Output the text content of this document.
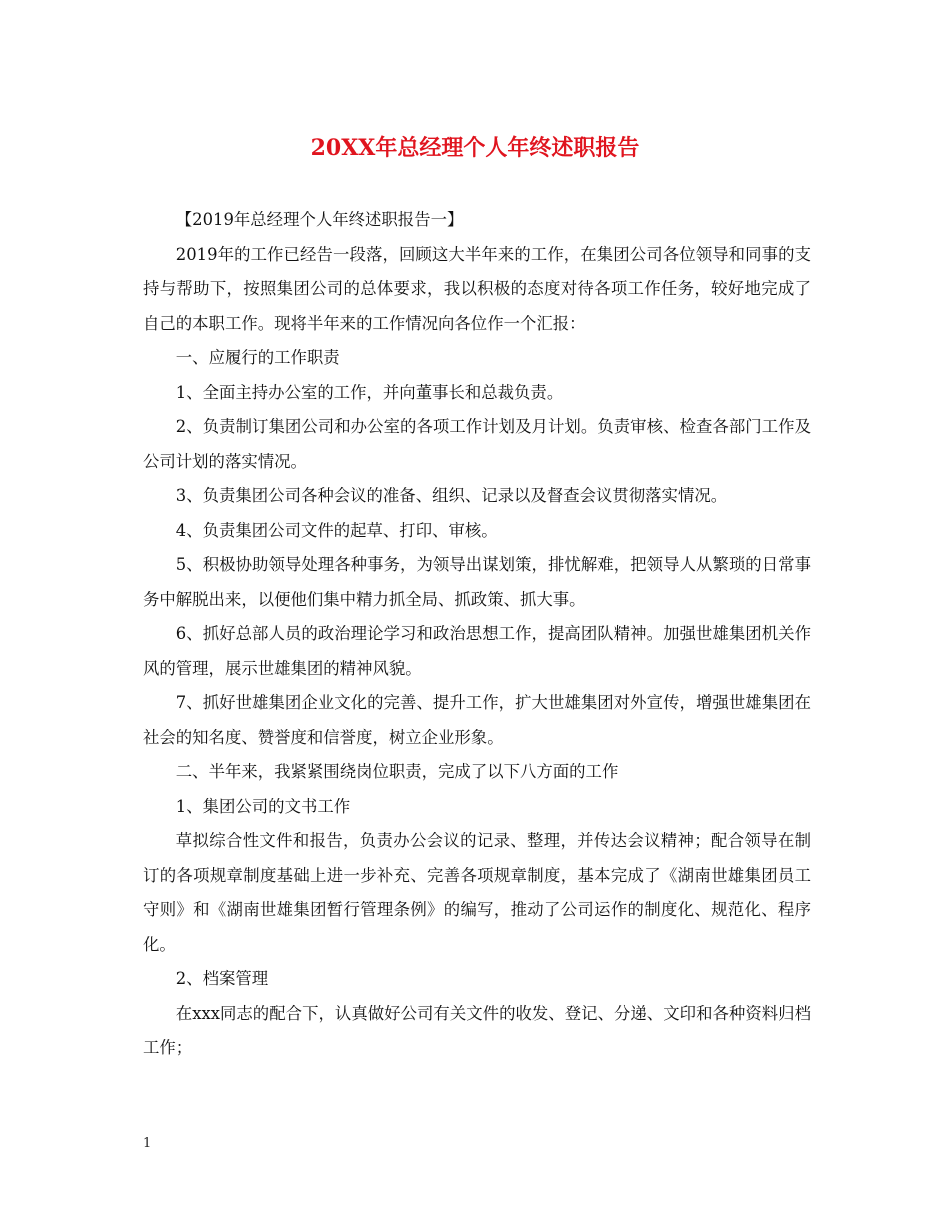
20XX年总经理个人年终述职报告

【2019年总经理个人年终述职报告一】

2019年的工作已经告一段落，回顾这大半年来的工作，在集团公司各位领导和同事的支持与帮助下，按照集团公司的总体要求，我以积极的态度对待各项工作任务，较好地完成了自己的本职工作。现将半年来的工作情况向各位作一个汇报：

一、应履行的工作职责

1、全面主持办公室的工作，并向董事长和总裁负责。

2、负责制订集团公司和办公室的各项工作计划及月计划。负责审核、检查各部门工作及公司计划的落实情况。

3、负责集团公司各种会议的准备、组织、记录以及督查会议贯彻落实情况。

4、负责集团公司文件的起草、打印、审核。

5、积极协助领导处理各种事务，为领导出谋划策，排忧解难，把领导人从繁琐的日常事务中解脱出来，以便他们集中精力抓全局、抓政策、抓大事。

6、抓好总部人员的政治理论学习和政治思想工作，提高团队精神。加强世雄集团机关作风的管理，展示世雄集团的精神风貌。

7、抓好世雄集团企业文化的完善、提升工作，扩大世雄集团对外宣传，增强世雄集团在社会的知名度、赞誉度和信誉度，树立企业形象。

二、半年来，我紧紧围绕岗位职责，完成了以下八方面的工作

1、集团公司的文书工作

草拟综合性文件和报告，负责办公会议的记录、整理，并传达会议精神；配合领导在制订的各项规章制度基础上进一步补充、完善各项规章制度，基本完成了《湖南世雄集团员工守则》和《湖南世雄集团暂行管理条例》的编写，推动了公司运作的制度化、规范化、程序化。

2、档案管理

在xxx同志的配合下，认真做好公司有关文件的收发、登记、分递、文印和各种资料归档工作；

1
